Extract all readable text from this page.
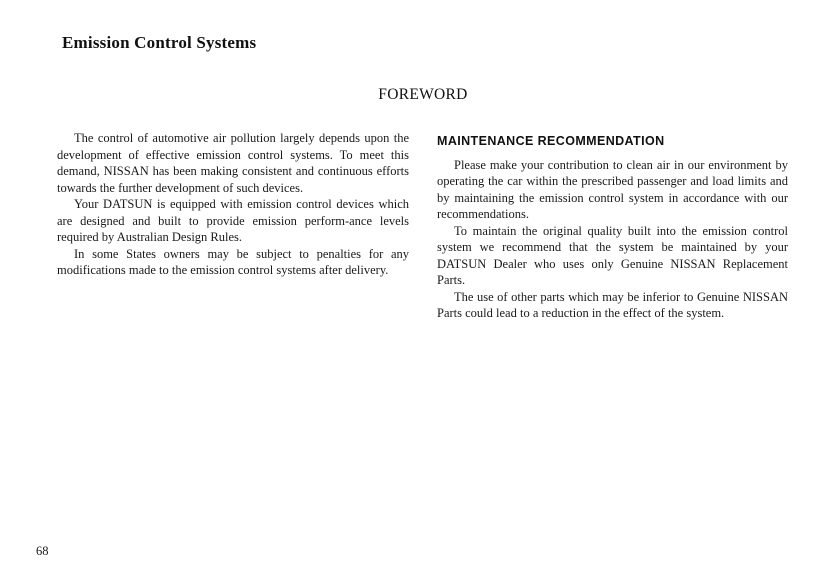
Emission Control Systems
FOREWORD

The control of automotive air pollution largely depends upon the development of effective emission control systems. To meet this demand, NISSAN has been making consistent and continuous efforts towards the further development of such devices.

Your DATSUN is equipped with emission control devices which are designed and built to provide emission perform-ance levels required by Australian Design Rules.

In some States owners may be subject to penalties for any modifications made to the emission control systems after delivery.

MAINTENANCE RECOMMENDATION

Please make your contribution to clean air in our environment by operating the car within the prescribed passenger and load limits and by maintaining the emission control system in accordance with our recommendations.

To maintain the original quality built into the emission control system we recommend that the system be maintained by your DATSUN Dealer who uses only Genuine NISSAN Replacement Parts.

The use of other parts which may be inferior to Genuine NISSAN Parts could lead to a reduction in the effect of the system.

68
